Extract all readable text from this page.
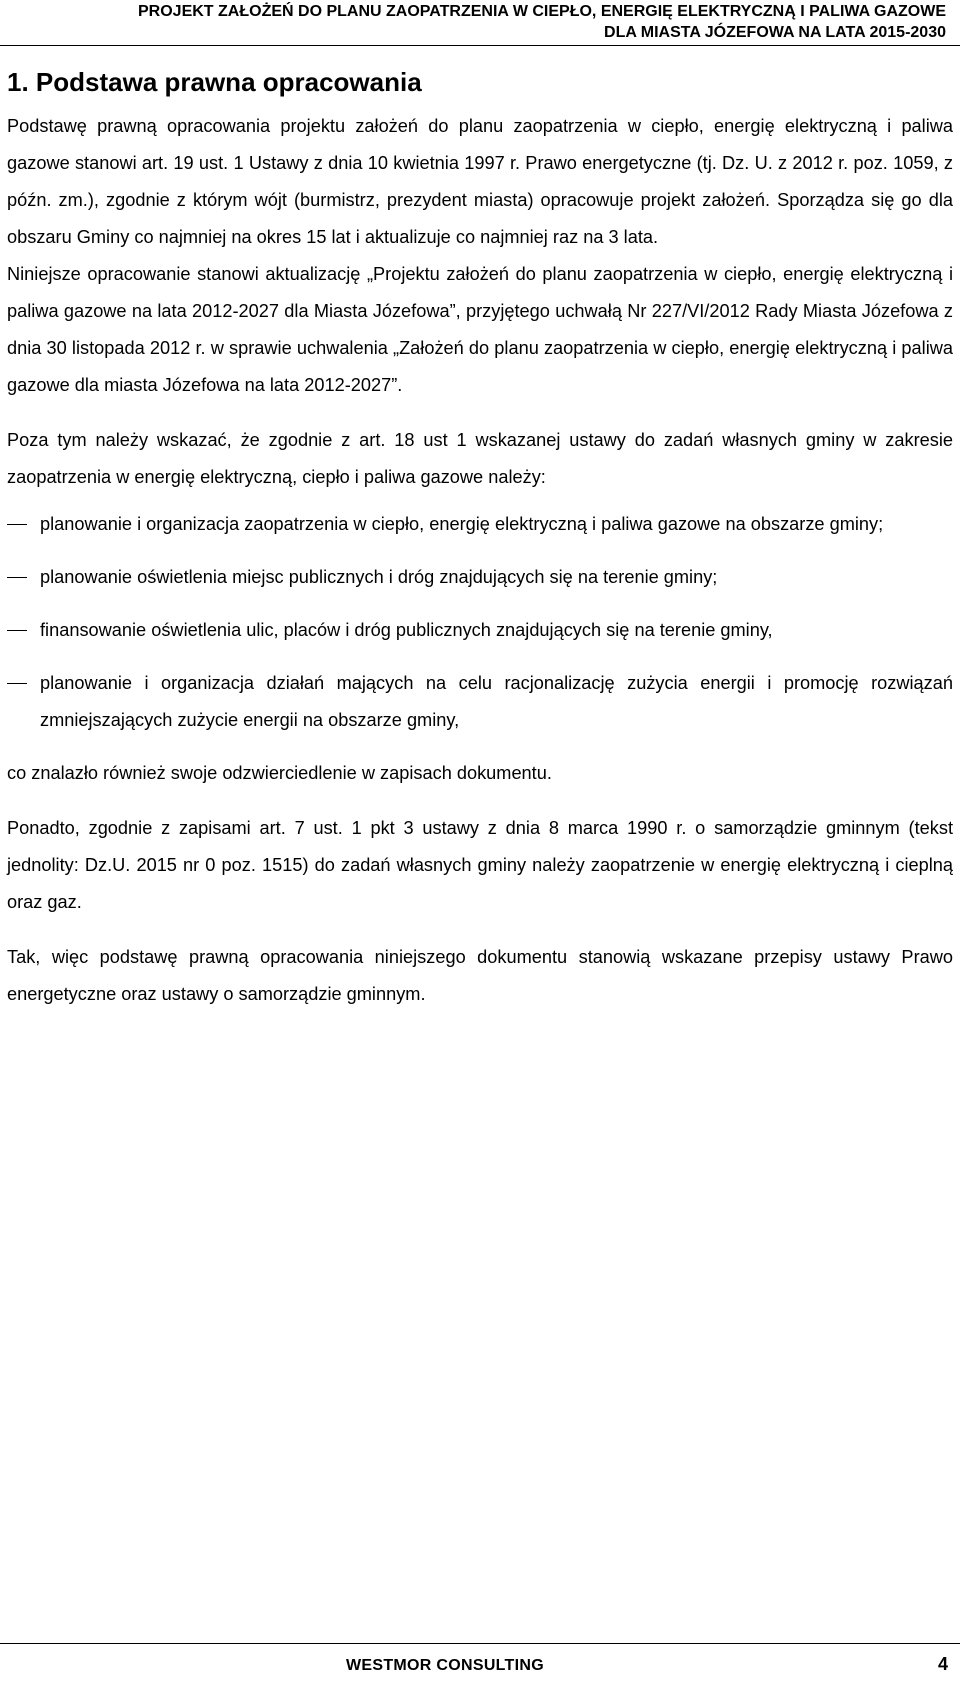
PROJEKT ZAŁOŻEŃ DO PLANU ZAOPATRZENIA W CIEPŁO, ENERGIĘ ELEKTRYCZNĄ I PALIWA GAZOWE
DLA MIASTA JÓZEFOWA NA LATA 2015-2030
1. Podstawa prawna opracowania

Podstawę prawną opracowania projektu założeń do planu zaopatrzenia w ciepło, energię elektryczną i paliwa gazowe stanowi art. 19 ust. 1 Ustawy z dnia 10 kwietnia 1997 r. Prawo energetyczne (tj. Dz. U. z 2012 r. poz. 1059, z późn. zm.), zgodnie z którym wójt (burmistrz, prezydent miasta) opracowuje projekt założeń. Sporządza się go dla obszaru Gminy co najmniej na okres 15 lat i aktualizuje co najmniej raz na 3 lata.

Niniejsze opracowanie stanowi aktualizację „Projektu założeń do planu zaopatrzenia w ciepło, energię elektryczną i paliwa gazowe na lata 2012-2027 dla Miasta Józefowa”, przyjętego uchwałą Nr 227/VI/2012 Rady Miasta Józefowa z dnia 30 listopada 2012 r. w sprawie uchwalenia „Założeń do planu zaopatrzenia w ciepło, energię elektryczną i paliwa gazowe dla miasta Józefowa na lata 2012-2027”.

Poza tym należy wskazać, że zgodnie z art. 18 ust 1 wskazanej ustawy do zadań własnych gminy w zakresie zaopatrzenia w energię elektryczną, ciepło i paliwa gazowe należy:

planowanie i organizacja zaopatrzenia w ciepło, energię elektryczną i paliwa gazowe na obszarze gminy;
planowanie oświetlenia miejsc publicznych i dróg znajdujących się na terenie gminy;
finansowanie oświetlenia ulic, placów i dróg publicznych znajdujących się na terenie gminy,
planowanie i organizacja działań mających na celu racjonalizację zużycia energii i promocję rozwiązań zmniejszających zużycie energii na obszarze gminy,

co znalazło również swoje odzwierciedlenie w zapisach dokumentu.

Ponadto, zgodnie z zapisami art. 7 ust. 1 pkt 3 ustawy z dnia 8 marca 1990 r. o samorządzie gminnym (tekst jednolity: Dz.U. 2015 nr 0 poz. 1515) do zadań własnych gminy należy zaopatrzenie w energię elektryczną i cieplną oraz gaz.

Tak, więc podstawę prawną opracowania niniejszego dokumentu stanowią wskazane przepisy ustawy Prawo energetyczne oraz ustawy o samorządzie gminnym.

WESTMOR CONSULTING	4
